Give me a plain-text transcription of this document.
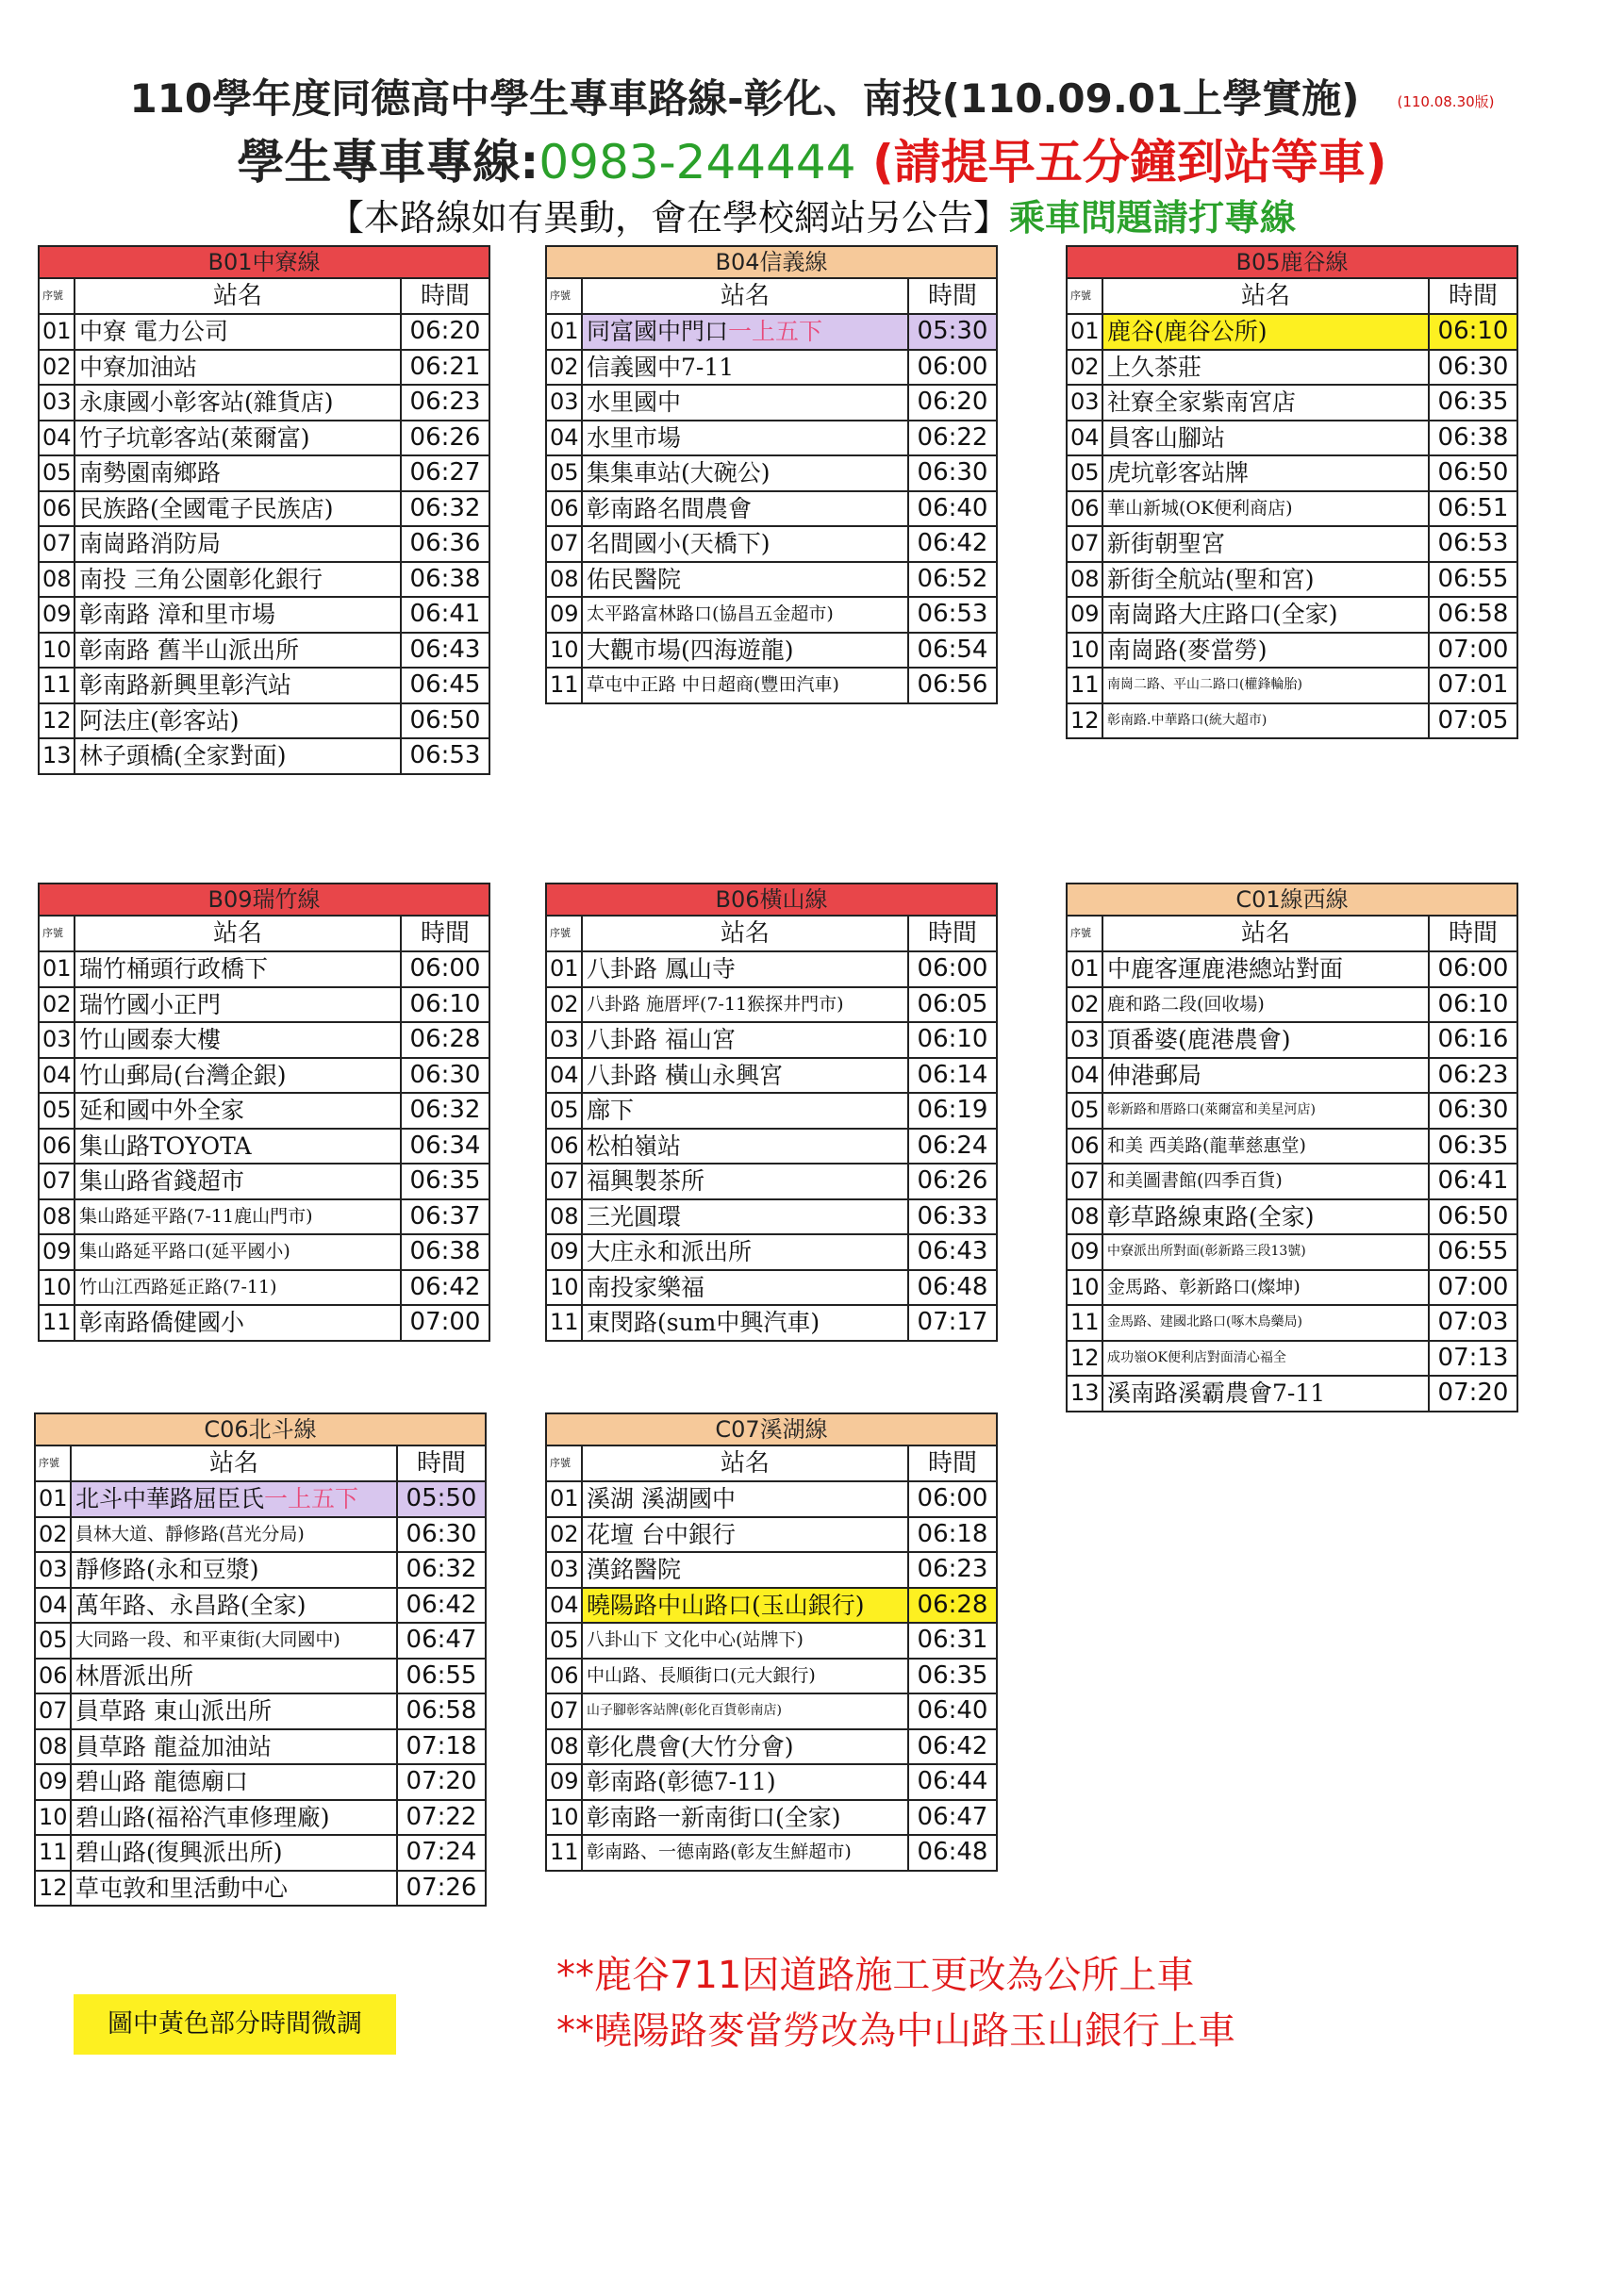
110學年度同德高中學生專車路線-彰化、南投(110.09.01上學實施)	(110.08.30版)
學生專車專線:0983-244444 (請提早五分鐘到站等車)
【本路線如有異動，會在學校網站另公告】乘車問題請打專線
B01中寮線
序號	站名	時間
01 中寮 電力公司	06:20
02 中寮加油站	06:21
03 永康國小彰客站(雜貨店)	06:23
04 竹子坑彰客站(萊爾富)	06:26
05 南勢園南鄉路	06:27
06 民族路(全國電子民族店)	06:32
07 南崗路消防局	06:36
08 南投 三角公園彰化銀行	06:38
09 彰南路 漳和里市場	06:41
10 彰南路 舊半山派出所	06:43
11 彰南路新興里彰汽站	06:45
12 阿法庄(彰客站)	06:50
13 林子頭橋(全家對面)	06:53
B04信義線
序號	站名	時間
01 同富國中門口一上五下	05:30
02 信義國中7-11	06:00
03 水里國中	06:20
04 水里市場	06:22
05 集集車站(大碗公)	06:30
06 彰南路名間農會	06:40
07 名間國小(天橋下)	06:42
08 佑民醫院	06:52
09 太平路富林路口(協昌五金超市)	06:53
10 大觀市場(四海遊龍)	06:54
11 草屯中正路 中日超商(豐田汽車)	06:56
B05鹿谷線
序號	站名	時間
01 鹿谷(鹿谷公所)	06:10
02 上久茶莊	06:30
03 社寮全家紫南宮店	06:35
04 員客山腳站	06:38
05 虎坑彰客站牌	06:50
06 華山新城(OK便利商店)	06:51
07 新街朝聖宮	06:53
08 新街全航站(聖和宮)	06:55
09 南崗路大庄路口(全家)	06:58
10 南崗路(麥當勞)	07:00
11 南崗二路、平山二路口(權鋒輪胎)	07:01
12 彰南路.中華路口(統大超市)	07:05
B09瑞竹線
序號	站名	時間
01 瑞竹桶頭行政橋下	06:00
02 瑞竹國小正門	06:10
03 竹山國泰大樓	06:28
04 竹山郵局(台灣企銀)	06:30
05 延和國中外全家	06:32
06 集山路TOYOTA	06:34
07 集山路省錢超市	06:35
08 集山路延平路(7-11鹿山門市)	06:37
09 集山路延平路口(延平國小)	06:38
10 竹山江西路延正路(7-11)	06:42
11 彰南路僑健國小	07:00
B06橫山線
序號	站名	時間
01 八卦路 鳳山寺	06:00
02 八卦路 施厝坪(7-11猴探井門市)	06:05
03 八卦路 福山宮	06:10
04 八卦路 橫山永興宮	06:14
05 廍下	06:19
06 松柏嶺站	06:24
07 福興製茶所	06:26
08 三光圓環	06:33
09 大庄永和派出所	06:43
10 南投家樂福	06:48
11 東閔路(sum中興汽車)	07:17
C01線西線
序號	站名	時間
01 中鹿客運鹿港總站對面	06:00
02 鹿和路二段(回收場)	06:10
03 頂番婆(鹿港農會)	06:16
04 伸港郵局	06:23
05 彰新路和厝路口(萊爾富和美星河店)	06:30
06 和美 西美路(龍華慈惠堂)	06:35
07 和美圖書館(四季百貨)	06:41
08 彰草路線東路(全家)	06:50
09 中寮派出所對面(彰新路三段13號)	06:55
10 金馬路、彰新路口(燦坤)	07:00
11 金馬路、建國北路口(啄木鳥藥局)	07:03
12 成功嶺OK便利店對面清心福全	07:13
13 溪南路溪霸農會7-11	07:20
C06北斗線
序號	站名	時間
01 北斗中華路屈臣氏一上五下	05:50
02 員林大道、靜修路(莒光分局)	06:30
03 靜修路(永和豆漿)	06:32
04 萬年路、永昌路(全家)	06:42
05 大同路一段、和平東街(大同國中)	06:47
06 林厝派出所	06:55
07 員草路 東山派出所	06:58
08 員草路 龍益加油站	07:18
09 碧山路 龍德廟口	07:20
10 碧山路(福裕汽車修理廠)	07:22
11 碧山路(復興派出所)	07:24
12 草屯敦和里活動中心	07:26
C07溪湖線
序號	站名	時間
01 溪湖 溪湖國中	06:00
02 花壇 台中銀行	06:18
03 漢銘醫院	06:23
04 曉陽路中山路口(玉山銀行)	06:28
05 八卦山下 文化中心(站牌下)	06:31
06 中山路、長順街口(元大銀行)	06:35
07 山子腳彰客站牌(彰化百貨彰南店)	06:40
08 彰化農會(大竹分會)	06:42
09 彰南路(彰德7-11)	06:44
10 彰南路一新南街口(全家)	06:47
11 彰南路、一德南路(彰友生鮮超市)	06:48
**鹿谷711因道路施工更改為公所上車
**曉陽路麥當勞改為中山路玉山銀行上車
圖中黃色部分時間微調
